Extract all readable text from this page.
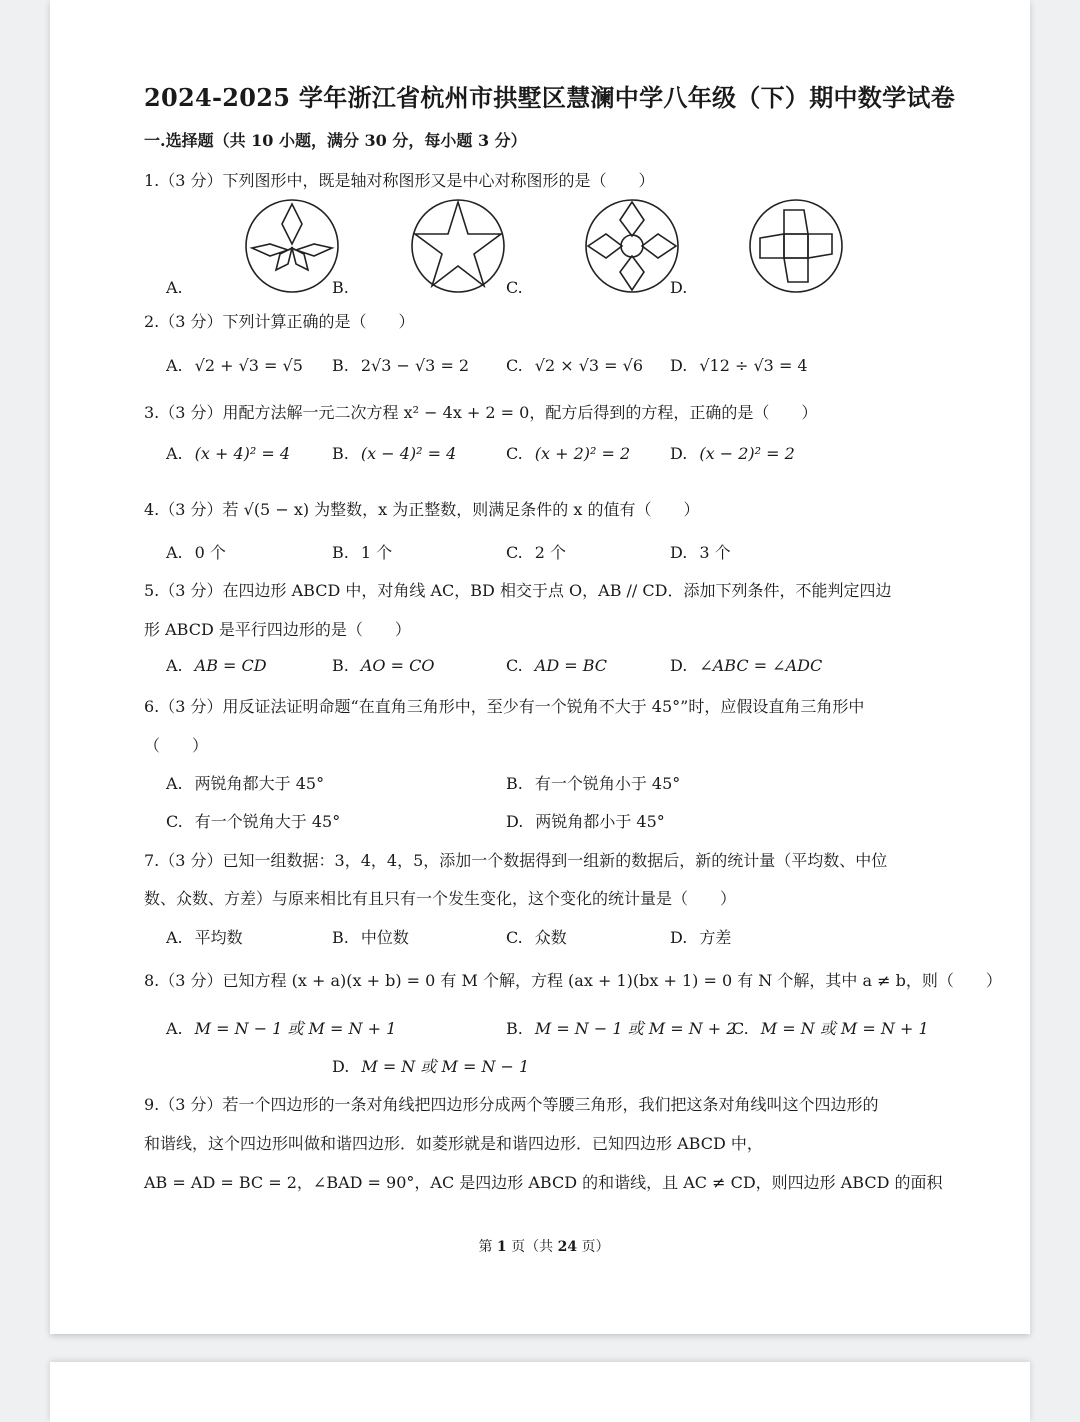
2024-2025 学年浙江省杭州市拱墅区慧澜中学八年级（下）期中数学试卷
一.选择题（共 10 小题，满分 30 分，每小题 3 分）
1.（3 分）下列图形中，既是轴对称图形又是中心对称图形的是（　　）
A.	B.	C.	D.
2.（3 分）下列计算正确的是（　　）
A. √2 + √3 = √5 B. 2√3 − √3 = 2 C. √2 × √3 = √6 D. √12 ÷ √3 = 4
3.（3 分）用配方法解一元二次方程 x² − 4x + 2 = 0，配方后得到的方程，正确的是（　　）
A. (x + 4)² = 4	B. (x − 4)² = 4	C. (x + 2)² = 2 D. (x − 2)² = 2
4.（3 分）若 √(5 − x) 为整数，x 为正整数，则满足条件的 x 的值有（　　）
A. 0 个	B. 1 个	C. 2 个	D. 3 个
5.（3 分）在四边形 ABCD 中，对角线 AC，BD 相交于点 O，AB // CD．添加下列条件，不能判定四边
形 ABCD 是平行四边形的是（　　）
A. AB = CD	B. AO = CO	C. AD = BC	D. ∠ABC = ∠ADC
6.（3 分）用反证法证明命题“在直角三角形中，至少有一个锐角不大于 45°”时，应假设直角三角形中
（　　）
A. 两锐角都大于 45°	B. 有一个锐角小于 45°
C. 有一个锐角大于 45°	D. 两锐角都小于 45°
7.（3 分）已知一组数据：3，4，4，5，添加一个数据得到一组新的数据后，新的统计量（平均数、中位
数、众数、方差）与原来相比有且只有一个发生变化，这个变化的统计量是（　　）
A. 平均数	B. 中位数	C. 众数	D. 方差
8.（3 分）已知方程 (x + a)(x + b) = 0 有 M 个解，方程 (ax + 1)(bx + 1) = 0 有 N 个解，其中 a ≠ b，则（　　）
A. M = N − 1 或 M = N + 1	B. M = N − 1 或 M = N + 2
C. M = N 或 M = N + 1
D. M = N 或 M = N − 1
9.（3 分）若一个四边形的一条对角线把四边形分成两个等腰三角形，我们把这条对角线叫这个四边形的
和谐线，这个四边形叫做和谐四边形．如菱形就是和谐四边形．已知四边形 ABCD 中，
AB = AD = BC = 2，∠BAD = 90°，AC 是四边形 ABCD 的和谐线，且 AC ≠ CD，则四边形 ABCD 的面积
第 1 页（共 24 页）
